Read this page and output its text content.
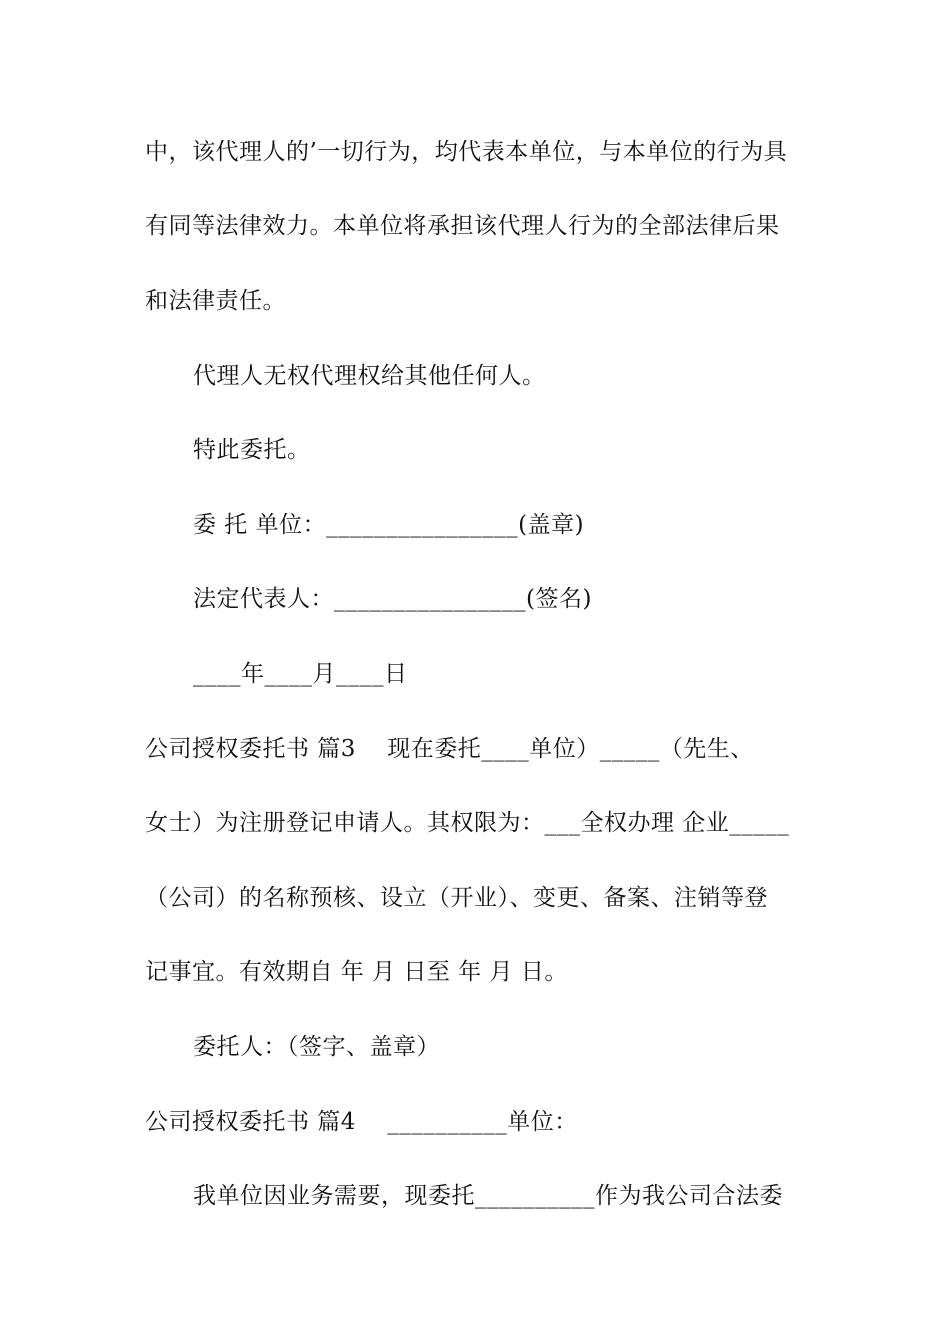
中，该代理人的’一切行为，均代表本单位，与本单位的行为具
有同等法律效力。本单位将承担该代理人行为的全部法律后果
和法律责任。
代理人无权代理权给其他任何人。
特此委托。
委 托 单位：________________(盖章)
法定代表人：________________(签名)
____年____月____日
公司授权委托书 篇3    现在委托____单位）_____（先生、
女士）为注册登记申请人。其权限为：___全权办理 企业_____
（公司）的名称预核、设立（开业）、变更、备案、注销等登
记事宜。有效期自 年 月 日至 年 月 日。
委托人：（签字、盖章）
公司授权委托书 篇4    __________单位：
我单位因业务需要，现委托__________作为我公司合法委
